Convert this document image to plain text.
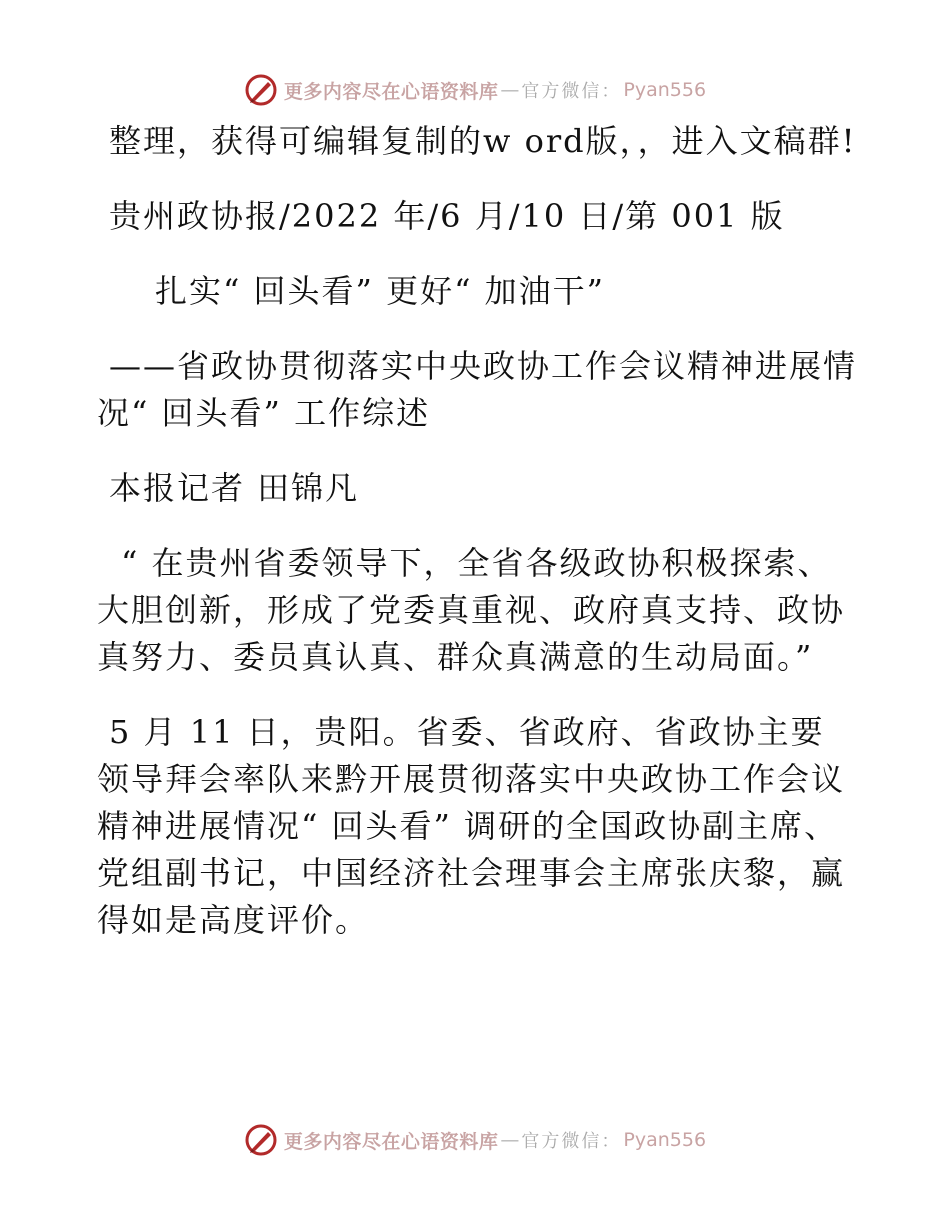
更多内容尽在心语资料库 — 官方微信： Pyan556

整理，获得可编辑复制的w ord版，，进入文稿群!

贵州政协报/2022 年/6 月/10 日/第 001 版

扎实“ 回头看” 更好“ 加油干”

——省政协贯彻落实中央政协工作会议精神进展情况“ 回头看” 工作综述

本报记者 田锦凡

“ 在贵州省委领导下，全省各级政协积极探索、大胆创新，形成了党委真重视、政府真支持、政协真努力、委员真认真、群众真满意的生动局面。”

5 月 11 日，贵阳。省委、省政府、省政协主要领导拜会率队来黔开展贯彻落实中央政协工作会议精神进展情况“ 回头看” 调研的全国政协副主席、党组副书记，中国经济社会理事会主席张庆黎，赢得如是高度评价。

更多内容尽在心语资料库 — 官方微信： Pyan556
